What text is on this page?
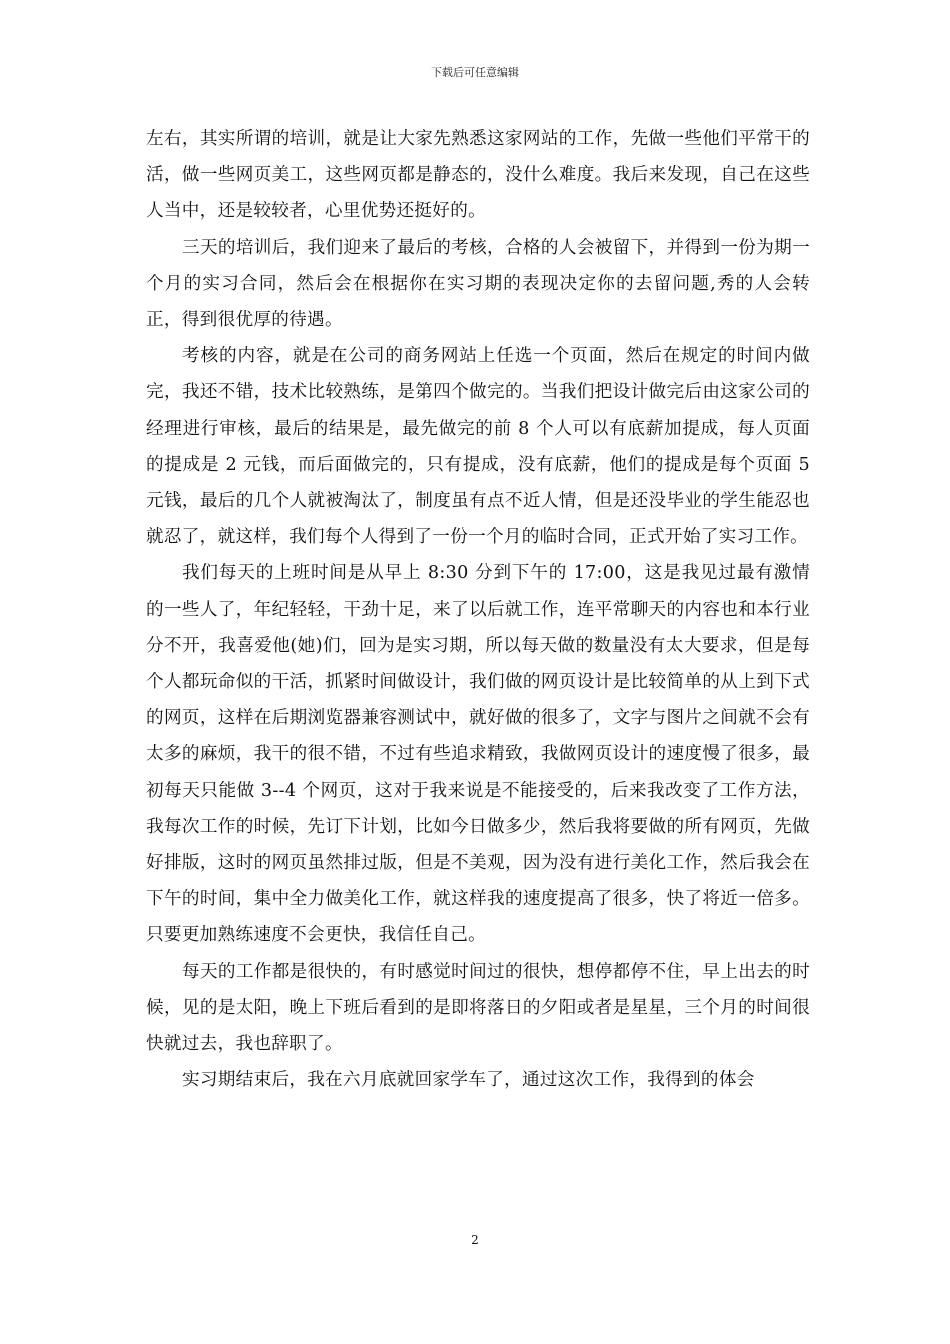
下载后可任意编辑

左右，其实所谓的培训，就是让大家先熟悉这家网站的工作，先做一些他们平常干的活，做一些网页美工，这些网页都是静态的，没什么难度。我后来发现，自己在这些人当中，还是较较者，心里优势还挺好的。

三天的培训后，我们迎来了最后的考核，合格的人会被留下，并得到一份为期一个月的实习合同，然后会在根据你在实习期的表现决定你的去留问题,秀的人会转正，得到很优厚的待遇。

考核的内容，就是在公司的商务网站上任选一个页面，然后在规定的时间内做完，我还不错，技术比较熟练，是第四个做完的。当我们把设计做完后由这家公司的经理进行审核，最后的结果是，最先做完的前 8 个人可以有底薪加提成，每人页面的提成是 2 元钱，而后面做完的，只有提成，没有底薪，他们的提成是每个页面 5 元钱，最后的几个人就被淘汰了，制度虽有点不近人情，但是还没毕业的学生能忍也就忍了，就这样，我们每个人得到了一份一个月的临时合同，正式开始了实习工作。

我们每天的上班时间是从早上 8:30 分到下午的 17:00，这是我见过最有激情的一些人了，年纪轻轻，干劲十足，来了以后就工作，连平常聊天的内容也和本行业分不开，我喜爱他(她)们，回为是实习期，所以每天做的数量没有太大要求，但是每个人都玩命似的干活，抓紧时间做设计，我们做的网页设计是比较简单的从上到下式的网页，这样在后期浏览器兼容测试中，就好做的很多了，文字与图片之间就不会有太多的麻烦，我干的很不错，不过有些追求精致，我做网页设计的速度慢了很多，最初每天只能做 3--4 个网页，这对于我来说是不能接受的，后来我改变了工作方法，我每次工作的时候，先订下计划，比如今日做多少，然后我将要做的所有网页，先做好排版，这时的网页虽然排过版，但是不美观，因为没有进行美化工作，然后我会在下午的时间，集中全力做美化工作，就这样我的速度提高了很多，快了将近一倍多。只要更加熟练速度不会更快，我信任自己。

每天的工作都是很快的，有时感觉时间过的很快，想停都停不住，早上出去的时候，见的是太阳，晚上下班后看到的是即将落日的夕阳或者是星星，三个月的时间很快就过去，我也辞职了。

实习期结束后，我在六月底就回家学车了，通过这次工作，我得到的体会

2
